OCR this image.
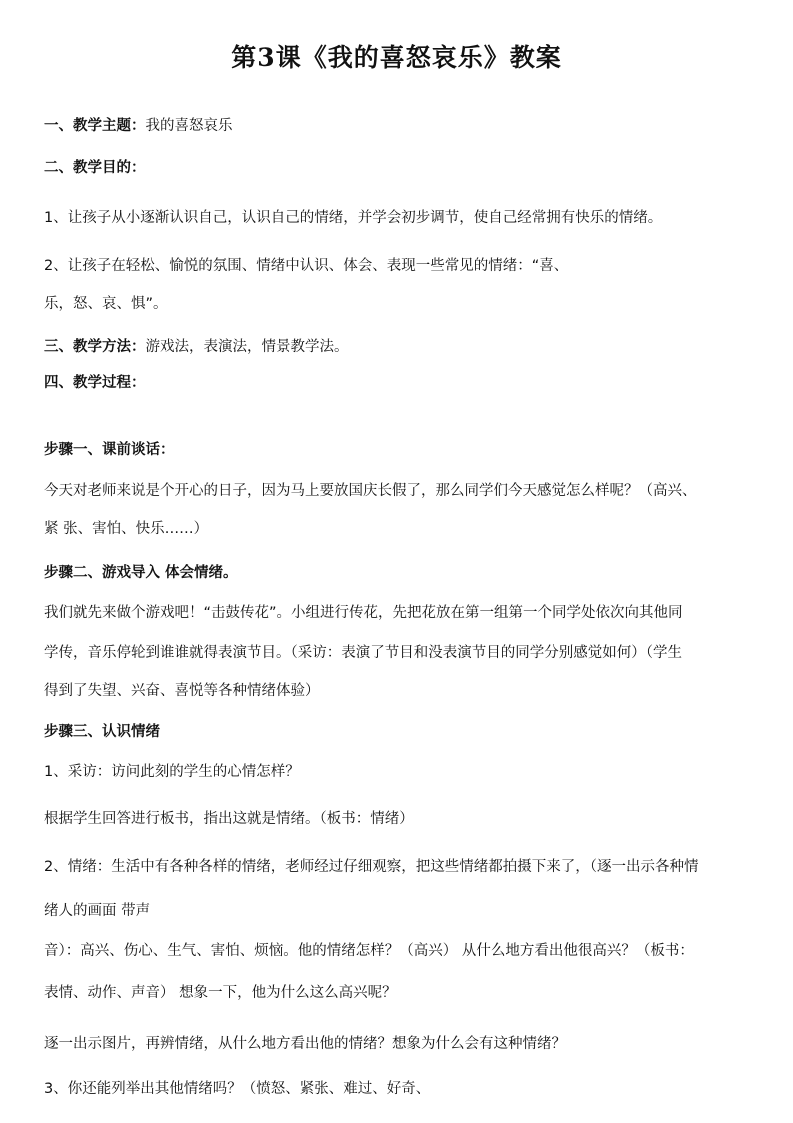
第3课《我的喜怒哀乐》教案
一、教学主题：我的喜怒哀乐
二、教学目的：
1、让孩子从小逐渐认识自己，认识自己的情绪，并学会初步调节，使自己经常拥有快乐的情绪。
2、让孩子在轻松、愉悦的氛围、情绪中认识、体会、表现一些常见的情绪：“喜、
乐，怒、哀、惧”。
三、教学方法：游戏法，表演法，情景教学法。
四、教学过程：
步骤一、课前谈话：
今天对老师来说是个开心的日子，因为马上要放国庆长假了，那么同学们今天感觉怎么样呢？（高兴、
紧 张、害怕、快乐……）
步骤二、游戏导入 体会情绪。
我们就先来做个游戏吧！“击鼓传花”。小组进行传花，先把花放在第一组第一个同学处依次向其他同
学传，音乐停轮到谁谁就得表演节目。（采访：表演了节目和没表演节目的同学分别感觉如何）（学生
得到了失望、兴奋、喜悦等各种情绪体验）
步骤三、认识情绪
1、采访：访问此刻的学生的心情怎样？
根据学生回答进行板书，指出这就是情绪。（板书：情绪）
2、情绪：生活中有各种各样的情绪，老师经过仔细观察，把这些情绪都拍摄下来了，（逐一出示各种情
绪人的画面 带声
音）：高兴、伤心、生气、害怕、烦恼。他的情绪怎样？（高兴） 从什么地方看出他很高兴？（板书：
表情、动作、声音） 想象一下，他为什么这么高兴呢？
逐一出示图片，再辨情绪，从什么地方看出他的情绪？想象为什么会有这种情绪？
3、你还能列举出其他情绪吗？（愤怒、紧张、难过、好奇、
